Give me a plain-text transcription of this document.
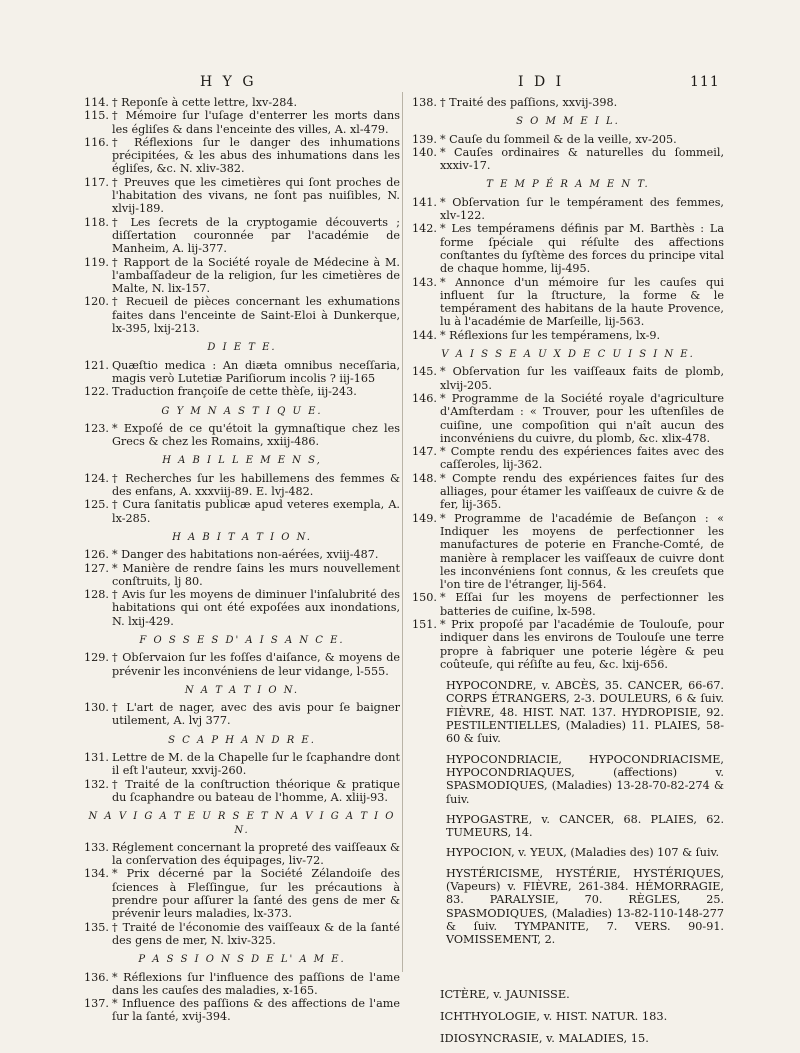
H Y G	I D I	111
114. † Reponſe à cette lettre, lxv-284.
115. † Mémoire ſur l'uſage d'enterrer les morts dans les égliſes & dans l'enceinte des villes, A. xl-479.
116. † Réflexions ſur le danger des inhumations précipitées, & les abus des inhumations dans les égliſes, &c. N. xliv-382.
117. † Preuves que les cimetières qui ſont proches de l'habitation des vivans, ne ſont pas nuiſibles, N. xlvij-189.
118. † Les ſecrets de la cryptogamie découverts ; diſſertation couronnée par l'académie de Manheim, A. lij-377.
119. † Rapport de la Société royale de Médecine à M. l'ambaſſadeur de la religion, ſur les cimetières de Malte, N. lix-157.
120. † Recueil de pièces concernant les exhumations faites dans l'enceinte de Saint-Eloi à Dunkerque, lx-395, lxij-213.
D I E T E.
121. Quæſtio medica : An diæta omnibus neceſſaria, magis verò Lutetiæ Pariſiorum incolis ? iij-165
122. Traduction françoiſe de cette thèſe, iij-243.
G Y M N A S T I Q U E.
123. * Expoſé de ce qu'étoit la gymnaſtique chez les Grecs & chez les Romains, xxiij-486.
H A B I L L E M E N S,
124. † Recherches ſur les habillemens des femmes & des enfans, A. xxxviij-89. E. lvj-482.
125. † Cura ſanitatis publicæ apud veteres exempla, A. lx-285.
H A B I T A T I O N.
126. * Danger des habitations non-aérées, xviij-487.
127. * Manière de rendre ſains les murs nouvellement conſtruits, lj 80.
128. † Avis ſur les moyens de diminuer l'inſalubrité des habitations qui ont été expoſées aux inondations, N. lxij-429.
F O S S E S D' A I S A N C E.
129. † Obſervaion ſur les foſſes d'aiſance, & moyens de prévenir les inconvéniens de leur vidange, l-555.
N A T A T I O N.
130. † L'art de nager, avec des avis pour ſe baigner utilement, A. lvj 377.
S C A P H A N D R E.
131. Lettre de M. de la Chapelle ſur le ſcaphandre dont il eſt l'auteur, xxvij-260.
132. † Traité de la conſtruction théorique & pratique du ſcaphandre ou bateau de l'homme, A. xliij-93.
N A V I G A T E U R S E T N A V I G A T I O N.
133. Réglement concernant la propreté des vaiſſeaux & la conſervation des équipages, liv-72.
134. * Prix décerné par la Société Zélandoiſe des ſciences à Fleſſingue, ſur les précautions à prendre pour aſſurer la ſanté des gens de mer & prévenir leurs maladies, lx-373.
135. † Traité de l'économie des vaiſſeaux & de la ſanté des gens de mer, N. lxiv-325.
P A S S I O N S D E L' A M E.
136. * Réflexions ſur l'influence des paſſions de l'ame dans les cauſes des maladies, x-165.
137. * Influence des paſſions & des affections de l'ame ſur la ſanté, xvij-394.
138. † Traité des paſſions, xxvij-398.
S O M M E I L.
139. * Cauſe du ſommeil & de la veille, xv-205.
140. * Cauſes ordinaires & naturelles du ſommeil, xxxiv-17.
T E M P É R A M E N T.
141. * Obſervation ſur le tempérament des femmes, xlv-122.
142. * Les tempéramens définis par M. Barthès : La forme ſpéciale qui réſulte des affections conſtantes du ſyſtème des forces du principe vital de chaque homme, lij-495.
143. * Annonce d'un mémoire ſur les cauſes qui influent ſur la ſtructure, la forme & le tempérament des habitans de la haute Provence, lu à l'académie de Marſeille, lij-563.
144. * Réflexions ſur les tempéramens, lx-9.
V A I S S E A U X D E C U I S I N E.
145. * Obſervation ſur les vaiſſeaux faits de plomb, xlvij-205.
146. * Programme de la Société royale d'agriculture d'Amſterdam : « Trouver, pour les uſtenſiles de cuiſine, une compoſition qui n'aît aucun des inconvéniens du cuivre, du plomb, &c. xlix-478.
147. * Compte rendu des expériences faites avec des caſſeroles, lij-362.
148. * Compte rendu des expériences faites ſur des alliages, pour étamer les vaiſſeaux de cuivre & de fer, lij-365.
149. * Programme de l'académie de Beſançon : « Indiquer les moyens de perfectionner les manufactures de poterie en Franche-Comté, de manière à remplacer les vaiſſeaux de cuivre dont les inconvéniens ſont connus, & les creuſets que l'on tire de l'étranger, lij-564.
150. * Eſſai ſur les moyens de perfectionner les batteries de cuiſine, lx-598.
151. * Prix propoſé par l'académie de Toulouſe, pour indiquer dans les environs de Toulouſe une terre propre à fabriquer une poterie légère & peu coûteuſe, qui réſiſte au feu, &c. lxij-656.
HYPOCONDRE, v. ABCÈS, 35. CANCER, 66-67. CORPS ÉTRANGERS, 2-3. DOULEURS, 6 & ſuiv. FIÈVRE, 48. HIST. NAT. 137. HYDROPISIE, 92. PESTILENTIELLES, (Maladies) 11. PLAIES, 58-60 & ſuiv.
HYPOCONDRIACIE, HYPOCONDRIACISME, HYPOCONDRIAQUES, (affections) v. SPASMODIQUES, (Maladies) 13-28-70-82-274 & ſuiv.
HYPOGASTRE, v. CANCER, 68. PLAIES, 62. TUMEURS, 14.
HYPOCION, v. YEUX, (Maladies des) 107 & ſuiv.
HYSTÉRICISME, HYSTÉRIE, HYSTÉRIQUES, (Vapeurs) v. FIÈVRE, 261-384. HÉMORRAGIE, 83. PARALYSIE, 70. RÈGLES, 25. SPASMODIQUES, (Maladies) 13-82-110-148-277 & ſuiv. TYMPANITE, 7. VERS. 90-91. VOMISSEMENT, 2.
ICTÈRE, v. JAUNISSE.
ICHTHYOLOGIE, v. HIST. NATUR. 183.
IDIOSYNCRASIE, v. MALADIES, 15.
